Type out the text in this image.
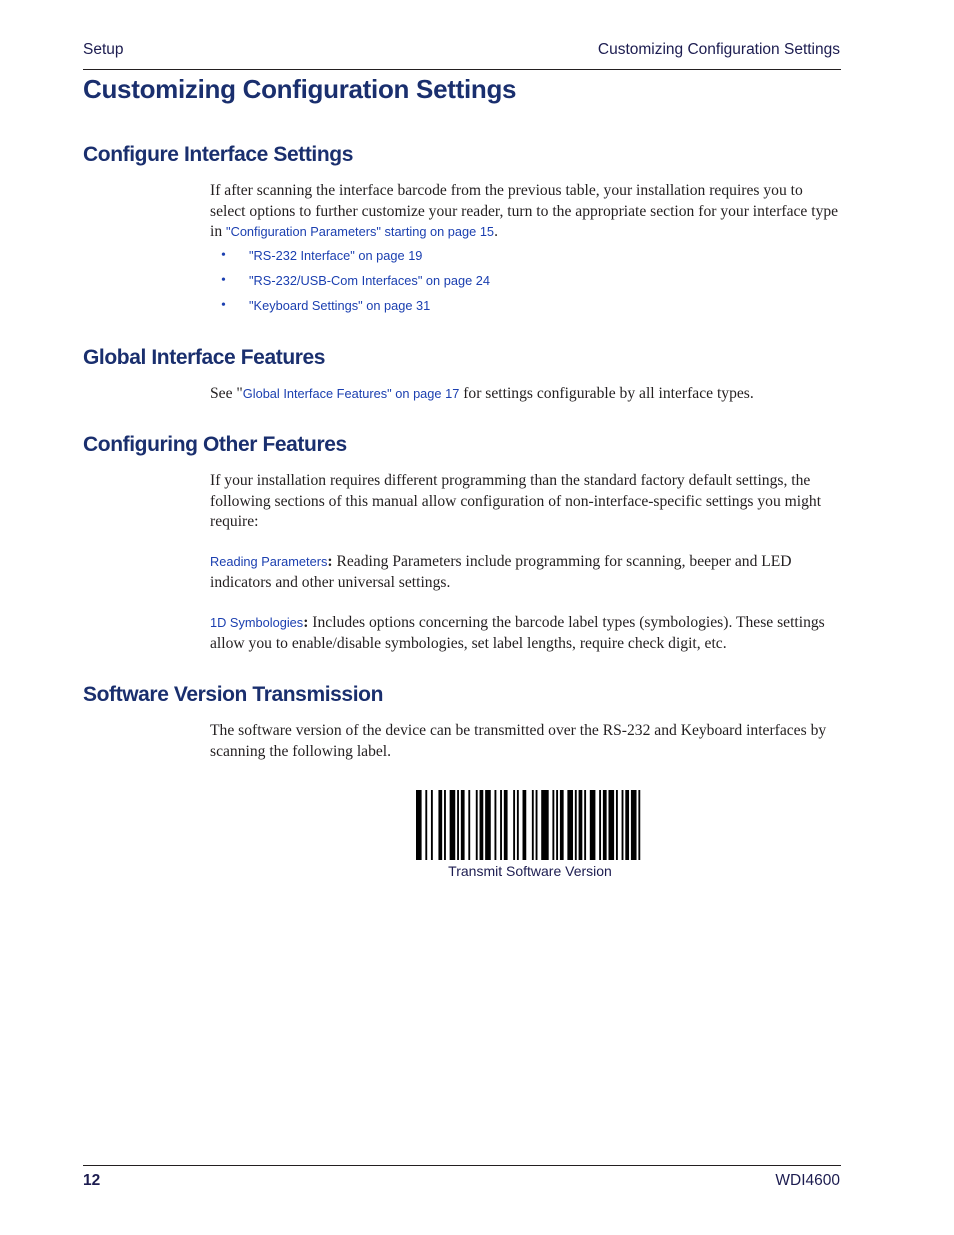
Setup	Customizing Configuration Settings
Customizing Configuration Settings
Configure Interface Settings

If after scanning the interface barcode from the previous table, your installation requires you to select options to further customize your reader, turn to the appropriate section for your interface type in "Configuration Parameters" starting on page 15.

• "RS-232 Interface" on page 19
• "RS-232/USB-Com Interfaces" on page 24
• "Keyboard Settings" on page 31
Global Interface Features

See "Global Interface Features" on page 17 for settings configurable by all interface types.

Configuring Other Features

If your installation requires different programming than the standard factory default settings, the following sections of this manual allow configuration of non-interface-specific settings you might require:

Reading Parameters: Reading Parameters include programming for scanning, beeper and LED indicators and other universal settings.

1D Symbologies: Includes options concerning the barcode label types (symbologies). These settings allow you to enable/disable symbologies, set label lengths, require check digit, etc.

Software Version Transmission

The software version of the device can be transmitted over the RS-232 and Keyboard interfaces by scanning the following label.

Transmit Software Version
12	WDI4600
